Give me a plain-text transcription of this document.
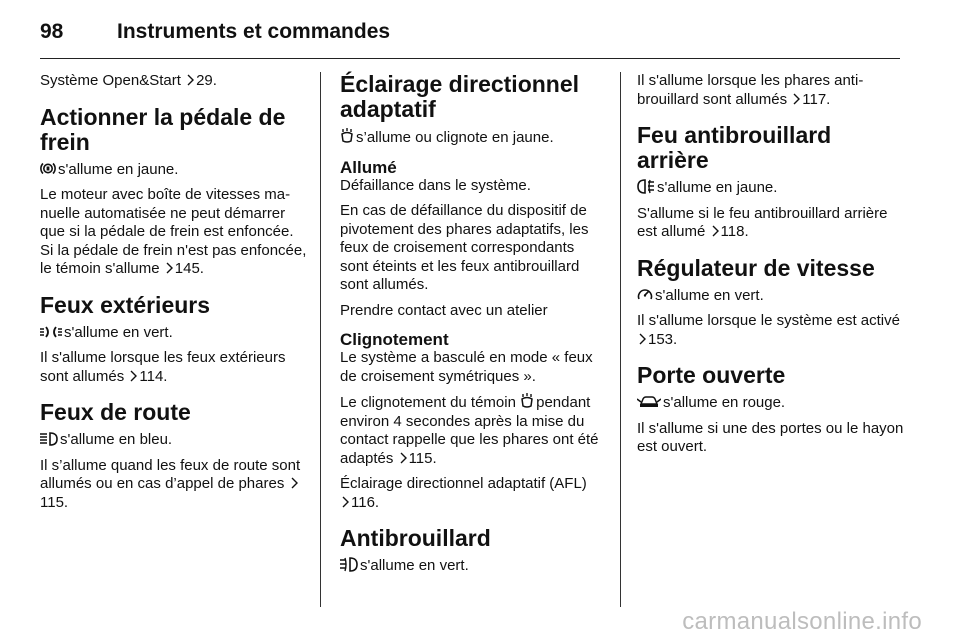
98	Instruments et commandes

Système Open&Start 29.

Actionner la pédale de frein

s'allume en jaune.

Le moteur avec boîte de vitesses manuelle automatisée ne peut démarrer que si la pédale de frein est enfoncée. Si la pédale de frein n'est pas enfoncée, le témoin s'allume 145.

Feux extérieurs

s'allume en vert.

Il s'allume lorsque les feux extérieurs sont allumés 114.

Feux de route

s'allume en bleu.

Il s’allume quand les feux de route sont allumés ou en cas d’appel de phares 115.

Éclairage directionnel adaptatif

s’allume ou clignote en jaune.

Allumé

Défaillance dans le système.

En cas de défaillance du dispositif de pivotement des phares adaptatifs, les feux de croisement correspondants sont éteints et les feux antibrouillard sont allumés.

Prendre contact avec un atelier

Clignotement

Le système a basculé en mode « feux de croisement symétriques ».

Le clignotement du témoin pendant environ 4 secondes après la mise du contact rappelle que les phares ont été adaptés 115.

Éclairage directionnel adaptatif (AFL)
116.

Antibrouillard

s'allume en vert.

Il s'allume lorsque les phares antibrouillard sont allumés 117.

Feu antibrouillard arrière

s'allume en jaune.

S'allume si le feu antibrouillard arrière est allumé 118.

Régulateur de vitesse

s'allume en vert.

Il s'allume lorsque le système est activé 153.

Porte ouverte

s'allume en rouge.

Il s'allume si une des portes ou le hayon est ouvert.

carmanualsonline.info
